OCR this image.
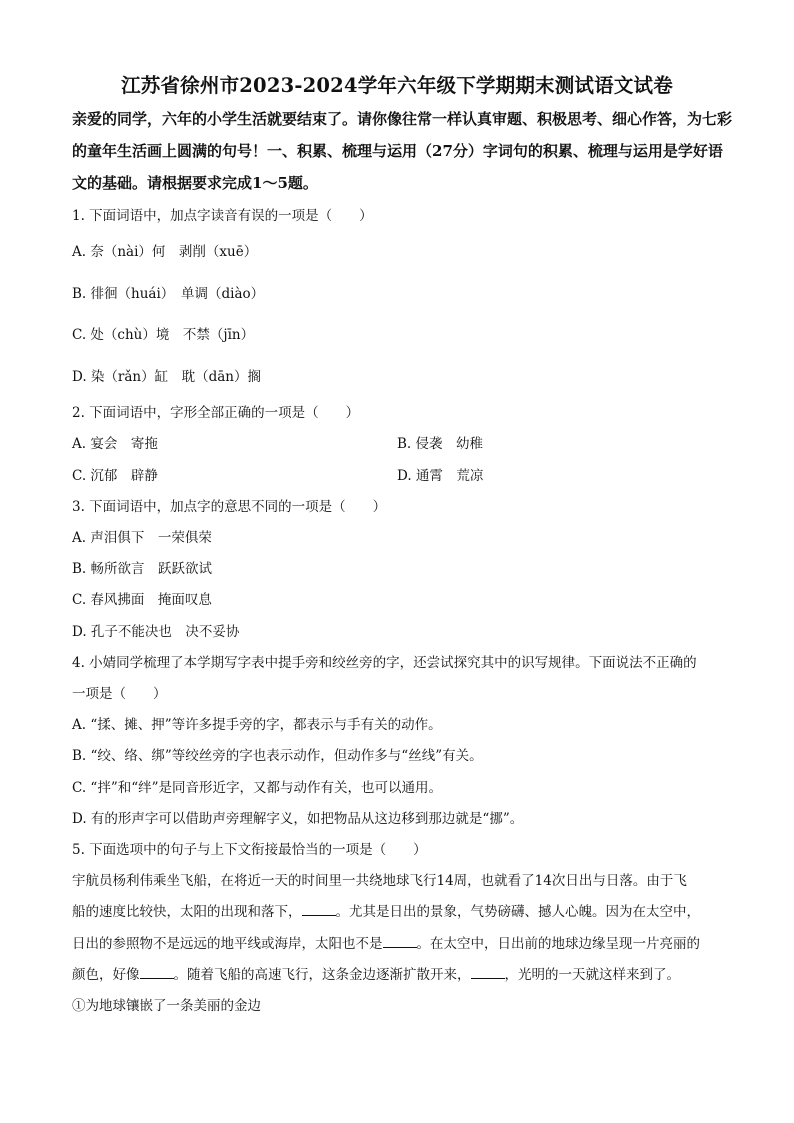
江苏省徐州市2023-2024学年六年级下学期期末测试语文试卷
亲爱的同学，六年的小学生活就要结束了。请你像往常一样认真审题、积极思考、细心作答，为七彩的童年生活画上圆满的句号！一、积累、梳理与运用（27分）字词句的积累、梳理与运用是学好语文的基础。请根据要求完成1～5题。
1. 下面词语中，加点字读音有误的一项是（　　）
A. 奈（nài）何　剥削（xuē）
B. 徘徊（huái）　单调（diào）
C. 处（chù）境　不禁（jīn）
D. 染（rǎn）缸　耽（dān）搁
2. 下面词语中，字形全部正确的一项是（　　）
A. 宴会　寄拖	B. 侵袭　幼稚
C. 沉郁　辟静	D. 通霄　荒凉
3. 下面词语中，加点字的意思不同的一项是（　　）
A. 声泪俱下　一荣俱荣
B. 畅所欲言　跃跃欲试
C. 春风拂面　掩面叹息
D. 孔子不能决也　决不妥协
4. 小婧同学梳理了本学期写字表中提手旁和绞丝旁的字，还尝试探究其中的识写规律。下面说法不正确的
一项是（　　）
A. “揉、摊、押”等许多提手旁的字，都表示与手有关的动作。
B. “绞、络、绑”等绞丝旁的字也表示动作，但动作多与“丝线”有关。
C. “拌”和“绊”是同音形近字，又都与动作有关，也可以通用。
D. 有的形声字可以借助声旁理解字义，如把物品从这边移到那边就是“挪”。
5. 下面选项中的句子与上下文衔接最恰当的一项是（　　）
宇航员杨利伟乘坐飞船，在将近一天的时间里一共绕地球飞行14周，也就看了14次日出与日落。由于飞
船的速度比较快，太阳的出现和落下，	。尤其是日出的景象，气势磅礴、撼人心魄。因为在太空中，
日出的参照物不是远远的地平线或海岸，太阳也不是	。在太空中，日出前的地球边缘呈现一片亮丽的
颜色，好像	。随着飞船的高速飞行，这条金边逐渐扩散开来，	，光明的一天就这样来到了。
①为地球镶嵌了一条美丽的金边
